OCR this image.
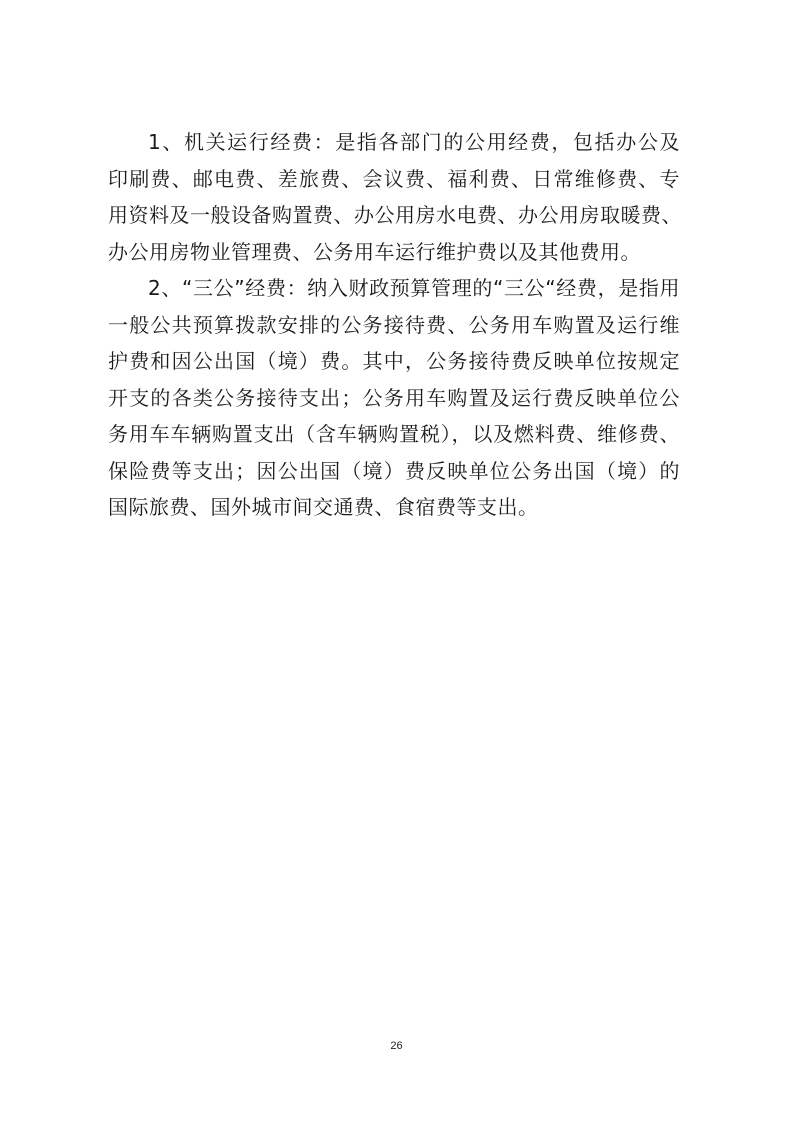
1、机关运行经费：是指各部门的公用经费，包括办公及
印刷费、邮电费、差旅费、会议费、福利费、日常维修费、专
用资料及一般设备购置费、办公用房水电费、办公用房取暖费、
办公用房物业管理费、公务用车运行维护费以及其他费用。
2、“三公”经费：纳入财政预算管理的“三公“经费，是指用
一般公共预算拨款安排的公务接待费、公务用车购置及运行维
护费和因公出国（境）费。其中，公务接待费反映单位按规定
开支的各类公务接待支出；公务用车购置及运行费反映单位公
务用车车辆购置支出（含车辆购置税），以及燃料费、维修费、
保险费等支出；因公出国（境）费反映单位公务出国（境）的
国际旅费、国外城市间交通费、食宿费等支出。
26
